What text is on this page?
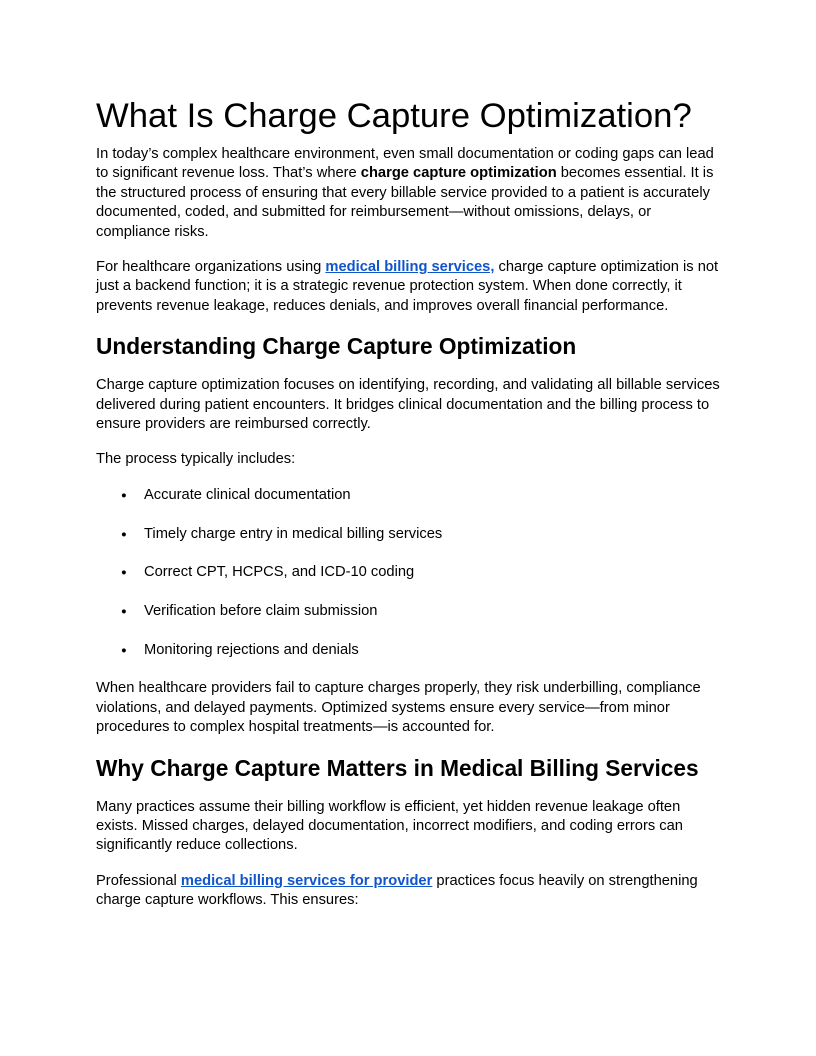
What Is Charge Capture Optimization?

In today’s complex healthcare environment, even small documentation or coding gaps can lead to significant revenue loss. That’s where charge capture optimization becomes essential. It is the structured process of ensuring that every billable service provided to a patient is accurately documented, coded, and submitted for reimbursement—without omissions, delays, or compliance risks.

For healthcare organizations using medical billing services, charge capture optimization is not just a backend function; it is a strategic revenue protection system. When done correctly, it prevents revenue leakage, reduces denials, and improves overall financial performance.

Understanding Charge Capture Optimization

Charge capture optimization focuses on identifying, recording, and validating all billable services delivered during patient encounters. It bridges clinical documentation and the billing process to ensure providers are reimbursed correctly.

The process typically includes:

● Accurate clinical documentation
● Timely charge entry in medical billing services
● Correct CPT, HCPCS, and ICD-10 coding
● Verification before claim submission
● Monitoring rejections and denials

When healthcare providers fail to capture charges properly, they risk underbilling, compliance violations, and delayed payments. Optimized systems ensure every service—from minor procedures to complex hospital treatments—is accounted for.

Why Charge Capture Matters in Medical Billing Services

Many practices assume their billing workflow is efficient, yet hidden revenue leakage often exists. Missed charges, delayed documentation, incorrect modifiers, and coding errors can significantly reduce collections.

Professional medical billing services for provider practices focus heavily on strengthening charge capture workflows. This ensures:
